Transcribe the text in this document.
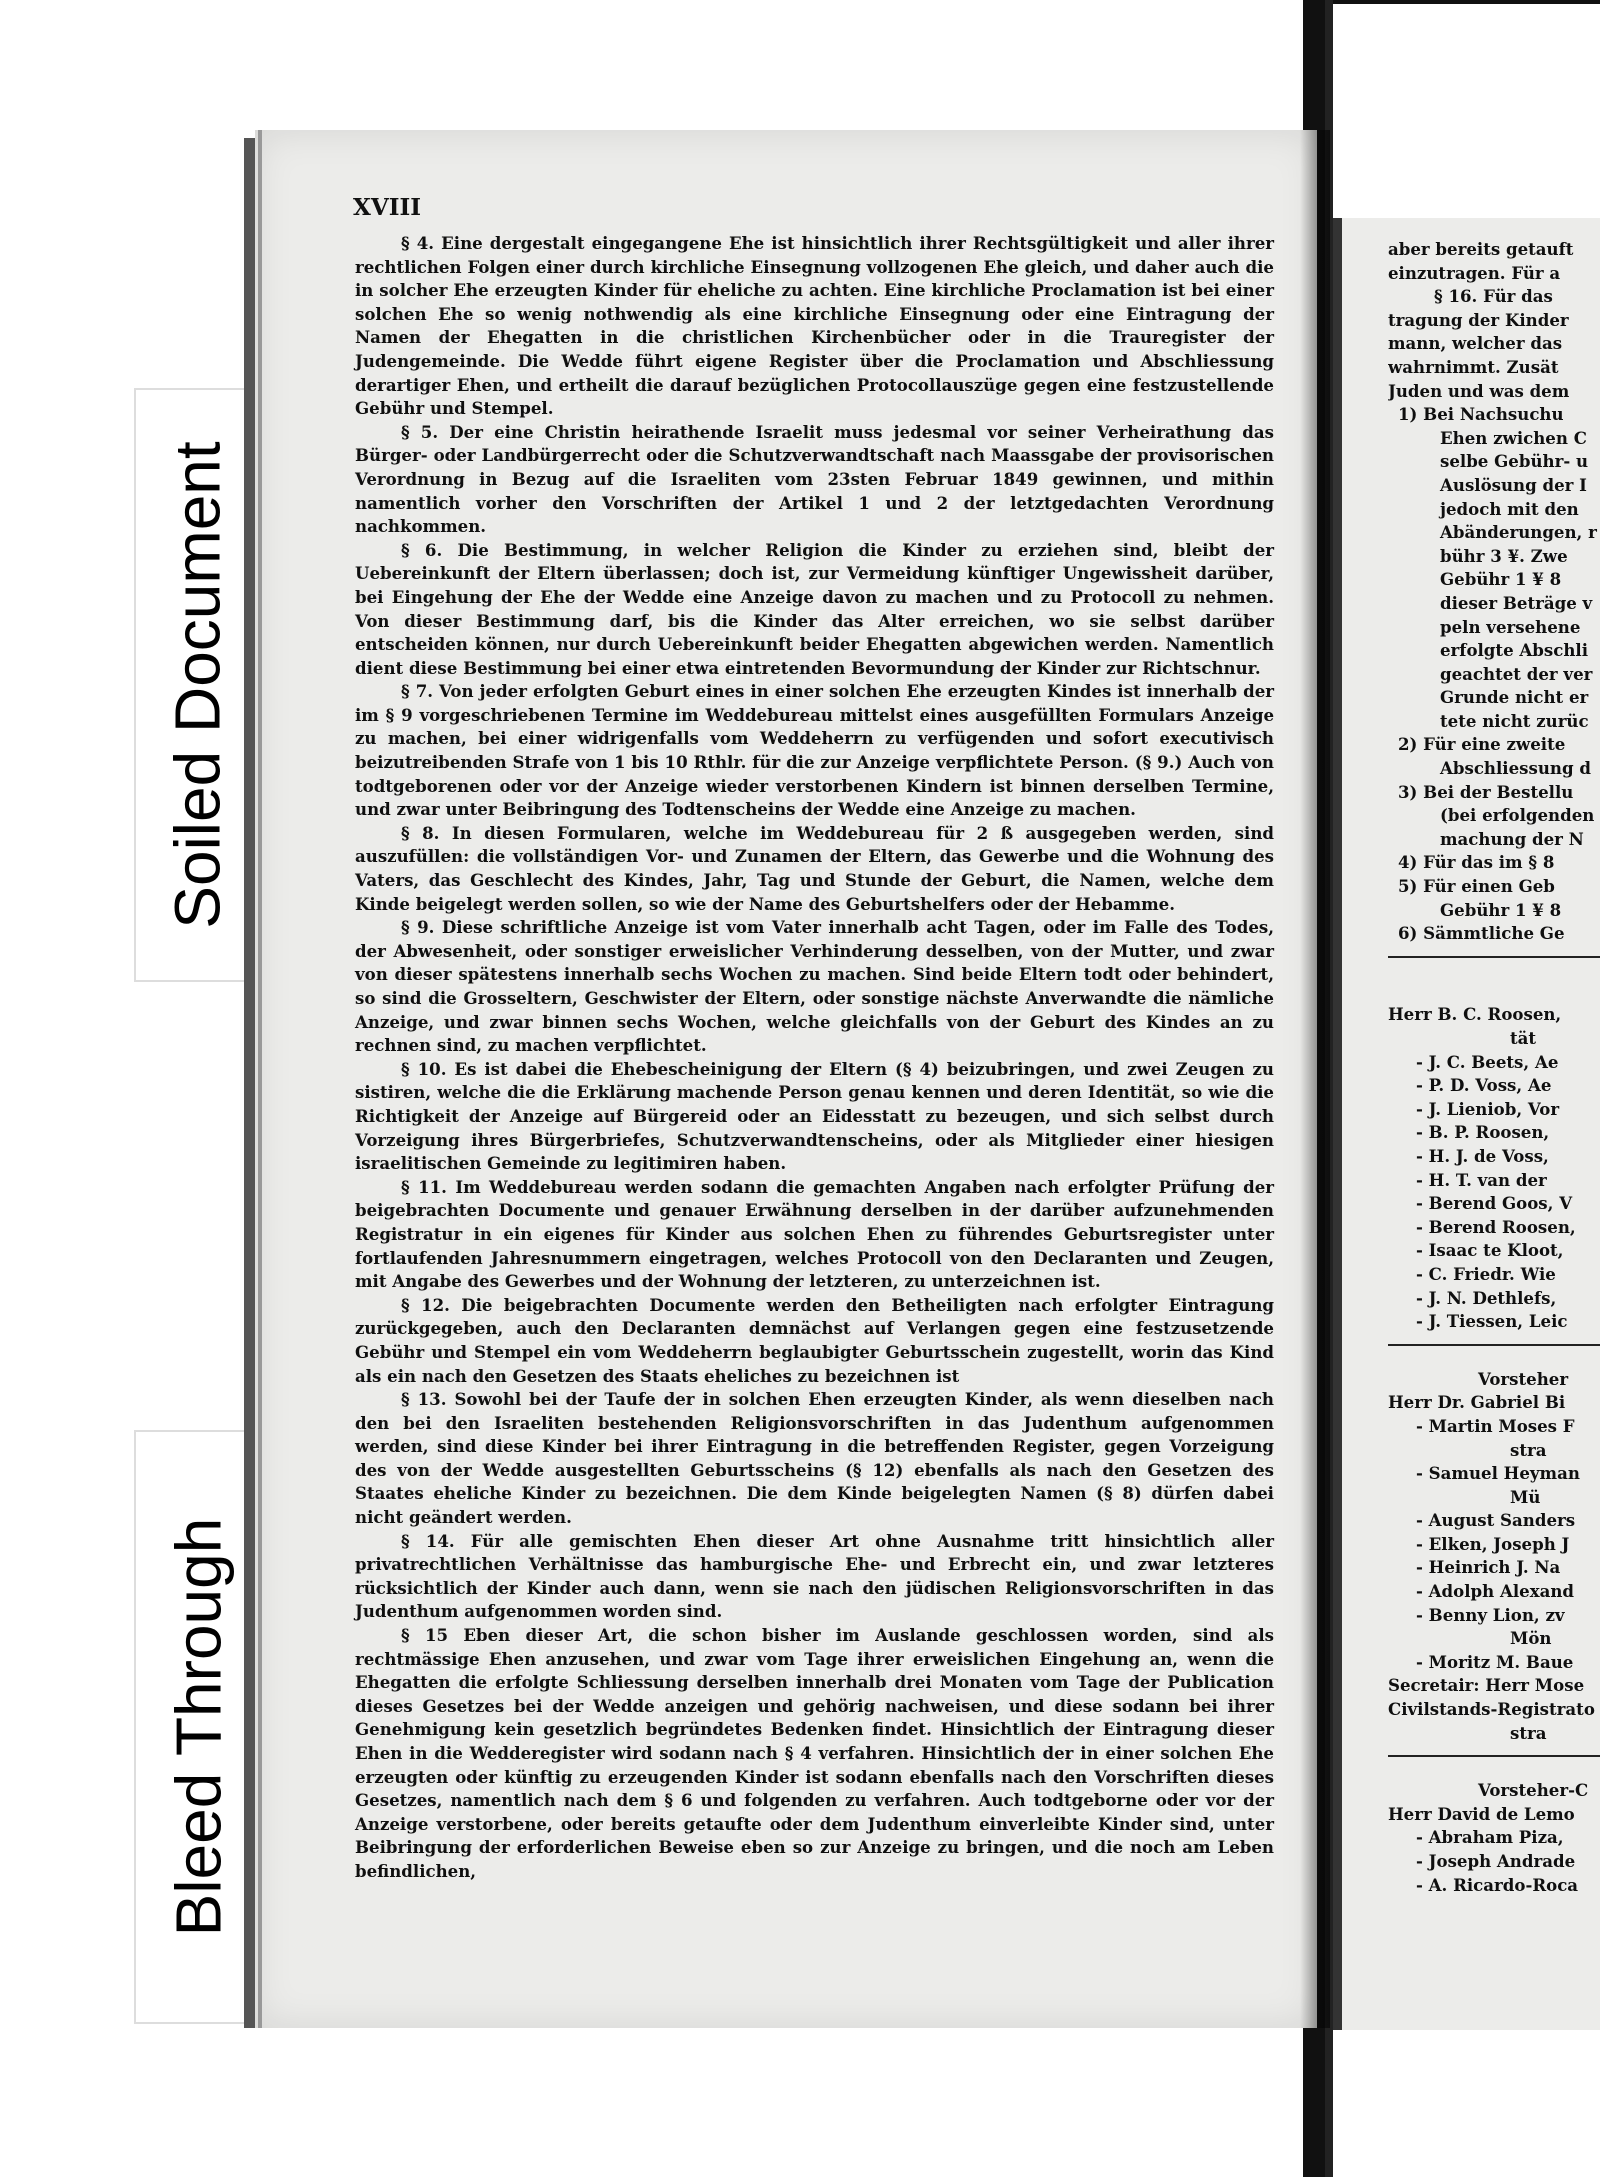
Soiled Document
Bleed Through
XVIII

§ 4. Eine dergestalt eingegangene Ehe ist hinsichtlich ihrer Rechtsgültigkeit und aller ihrer rechtlichen Folgen einer durch kirchliche Einsegnung vollzogenen Ehe gleich, und daher auch die in solcher Ehe erzeugten Kinder für eheliche zu achten. Eine kirchliche Proclamation ist bei einer solchen Ehe so wenig nothwendig als eine kirchliche Einsegnung oder eine Eintragung der Namen der Ehegatten in die christlichen Kirchenbücher oder in die Trauregister der Judengemeinde. Die Wedde führt eigene Register über die Proclamation und Abschliessung derartiger Ehen, und ertheilt die darauf bezüglichen Protocollauszüge gegen eine festzustellende Gebühr und Stempel.

§ 5. Der eine Christin heirathende Israelit muss jedesmal vor seiner Verheirathung das Bürger- oder Landbürgerrecht oder die Schutzverwandtschaft nach Maassgabe der provisorischen Verordnung in Bezug auf die Israeliten vom 23sten Februar 1849 gewinnen, und mithin namentlich vorher den Vorschriften der Artikel 1 und 2 der letztgedachten Verordnung nachkommen.

§ 6. Die Bestimmung, in welcher Religion die Kinder zu erziehen sind, bleibt der Uebereinkunft der Eltern überlassen; doch ist, zur Vermeidung künftiger Ungewissheit darüber, bei Eingehung der Ehe der Wedde eine Anzeige davon zu machen und zu Protocoll zu nehmen. Von dieser Bestimmung darf, bis die Kinder das Alter erreichen, wo sie selbst darüber entscheiden können, nur durch Uebereinkunft beider Ehegatten abgewichen werden. Namentlich dient diese Bestimmung bei einer etwa eintretenden Bevormundung der Kinder zur Richtschnur.

§ 7. Von jeder erfolgten Geburt eines in einer solchen Ehe erzeugten Kindes ist innerhalb der im § 9 vorgeschriebenen Termine im Weddebureau mittelst eines ausgefüllten Formulars Anzeige zu machen, bei einer widrigenfalls vom Weddeherrn zu verfügenden und sofort executivisch beizutreibenden Strafe von 1 bis 10 Rthlr. für die zur Anzeige verpflichtete Person. (§ 9.) Auch von todtgeborenen oder vor der Anzeige wieder verstorbenen Kindern ist binnen derselben Termine, und zwar unter Beibringung des Todtenscheins der Wedde eine Anzeige zu machen.

§ 8. In diesen Formularen, welche im Weddebureau für 2 ß ausgegeben werden, sind auszufüllen: die vollständigen Vor- und Zunamen der Eltern, das Gewerbe und die Wohnung des Vaters, das Geschlecht des Kindes, Jahr, Tag und Stunde der Geburt, die Namen, welche dem Kinde beigelegt werden sollen, so wie der Name des Geburtshelfers oder der Hebamme.

§ 9. Diese schriftliche Anzeige ist vom Vater innerhalb acht Tagen, oder im Falle des Todes, der Abwesenheit, oder sonstiger erweislicher Verhinderung desselben, von der Mutter, und zwar von dieser spätestens innerhalb sechs Wochen zu machen. Sind beide Eltern todt oder behindert, so sind die Grosseltern, Geschwister der Eltern, oder sonstige nächste Anverwandte die nämliche Anzeige, und zwar binnen sechs Wochen, welche gleichfalls von der Geburt des Kindes an zu rechnen sind, zu machen verpflichtet.

§ 10. Es ist dabei die Ehebescheinigung der Eltern (§ 4) beizubringen, und zwei Zeugen zu sistiren, welche die die Erklärung machende Person genau kennen und deren Identität, so wie die Richtigkeit der Anzeige auf Bürgereid oder an Eidesstatt zu bezeugen, und sich selbst durch Vorzeigung ihres Bürgerbriefes, Schutzverwandtenscheins, oder als Mitglieder einer hiesigen israelitischen Gemeinde zu legitimiren haben.

§ 11. Im Weddebureau werden sodann die gemachten Angaben nach erfolgter Prüfung der beigebrachten Documente und genauer Erwähnung derselben in der darüber aufzunehmenden Registratur in ein eigenes für Kinder aus solchen Ehen zu führendes Geburtsregister unter fortlaufenden Jahresnummern eingetragen, welches Protocoll von den Declaranten und Zeugen, mit Angabe des Gewerbes und der Wohnung der letzteren, zu unterzeichnen ist.

§ 12. Die beigebrachten Documente werden den Betheiligten nach erfolgter Eintragung zurückgegeben, auch den Declaranten demnächst auf Verlangen gegen eine festzusetzende Gebühr und Stempel ein vom Weddeherrn beglaubigter Geburtsschein zugestellt, worin das Kind als ein nach den Gesetzen des Staats eheliches zu bezeichnen ist

§ 13. Sowohl bei der Taufe der in solchen Ehen erzeugten Kinder, als wenn dieselben nach den bei den Israeliten bestehenden Religionsvorschriften in das Judenthum aufgenommen werden, sind diese Kinder bei ihrer Eintragung in die betreffenden Register, gegen Vorzeigung des von der Wedde ausgestellten Geburtsscheins (§ 12) ebenfalls als nach den Gesetzen des Staates eheliche Kinder zu bezeichnen. Die dem Kinde beigelegten Namen (§ 8) dürfen dabei nicht geändert werden.

§ 14. Für alle gemischten Ehen dieser Art ohne Ausnahme tritt hinsichtlich aller privatrechtlichen Verhältnisse das hamburgische Ehe- und Erbrecht ein, und zwar letzteres rücksichtlich der Kinder auch dann, wenn sie nach den jüdischen Religionsvorschriften in das Judenthum aufgenommen worden sind.

§ 15 Eben dieser Art, die schon bisher im Auslande geschlossen worden, sind als rechtmässige Ehen anzusehen, und zwar vom Tage ihrer erweislichen Eingehung an, wenn die Ehegatten die erfolgte Schliessung derselben innerhalb drei Monaten vom Tage der Publication dieses Gesetzes bei der Wedde anzeigen und gehörig nachweisen, und diese sodann bei ihrer Genehmigung kein gesetzlich begründetes Bedenken findet. Hinsichtlich der Eintragung dieser Ehen in die Wedderegister wird sodann nach § 4 verfahren. Hinsichtlich der in einer solchen Ehe erzeugten oder künftig zu erzeugenden Kinder ist sodann ebenfalls nach den Vorschriften dieses Gesetzes, namentlich nach dem § 6 und folgenden zu verfahren. Auch todtgeborne oder vor der Anzeige verstorbene, oder bereits getaufte oder dem Judenthum einverleibte Kinder sind, unter Beibringung der erforderlichen Beweise eben so zur Anzeige zu bringen, und die noch am Leben befindlichen,

aber bereits getauft
einzutragen. Für a
§ 16. Für das
tragung der Kinder
mann, welcher das
wahrnimmt. Zusät
Juden und was dem
1) Bei Nachsuchu
Ehen zwichen C
selbe Gebühr- u
Auslösung der I
jedoch mit den
Abänderungen, r
bühr 3 ¥. Zwe
Gebühr 1 ¥ 8
dieser Beträge v
peln versehene
erfolgte Abschli
geachtet der ver
Grunde nicht er
tete nicht zurüc
2) Für eine zweite
Abschliessung d
3) Bei der Bestellu
(bei erfolgenden
machung der N
4) Für das im § 8
5) Für einen Geb
Gebühr 1 ¥ 8
6) Sämmtliche Ge
Herr B. C. Roosen,
tät
- J. C. Beets, Ae
- P. D. Voss, Ae
- J. Lieniob, Vor
- B. P. Roosen,
- H. J. de Voss,
- H. T. van der
- Berend Goos, V
- Berend Roosen,
- Isaac te Kloot,
- C. Friedr. Wie
- J. N. Dethlefs,
- J. Tiessen, Leic
Vorsteher
Herr Dr. Gabriel Bi
- Martin Moses F
stra
- Samuel Heyman
Mü
- August Sanders
- Elken, Joseph J
- Heinrich J. Na
- Adolph Alexand
- Benny Lion, zv
Mön
- Moritz M. Baue
Secretair: Herr Mose
Civilstands-Registrato
stra
Vorsteher-C
Herr David de Lemo
- Abraham Piza,
- Joseph Andrade
- A. Ricardo-Roca
